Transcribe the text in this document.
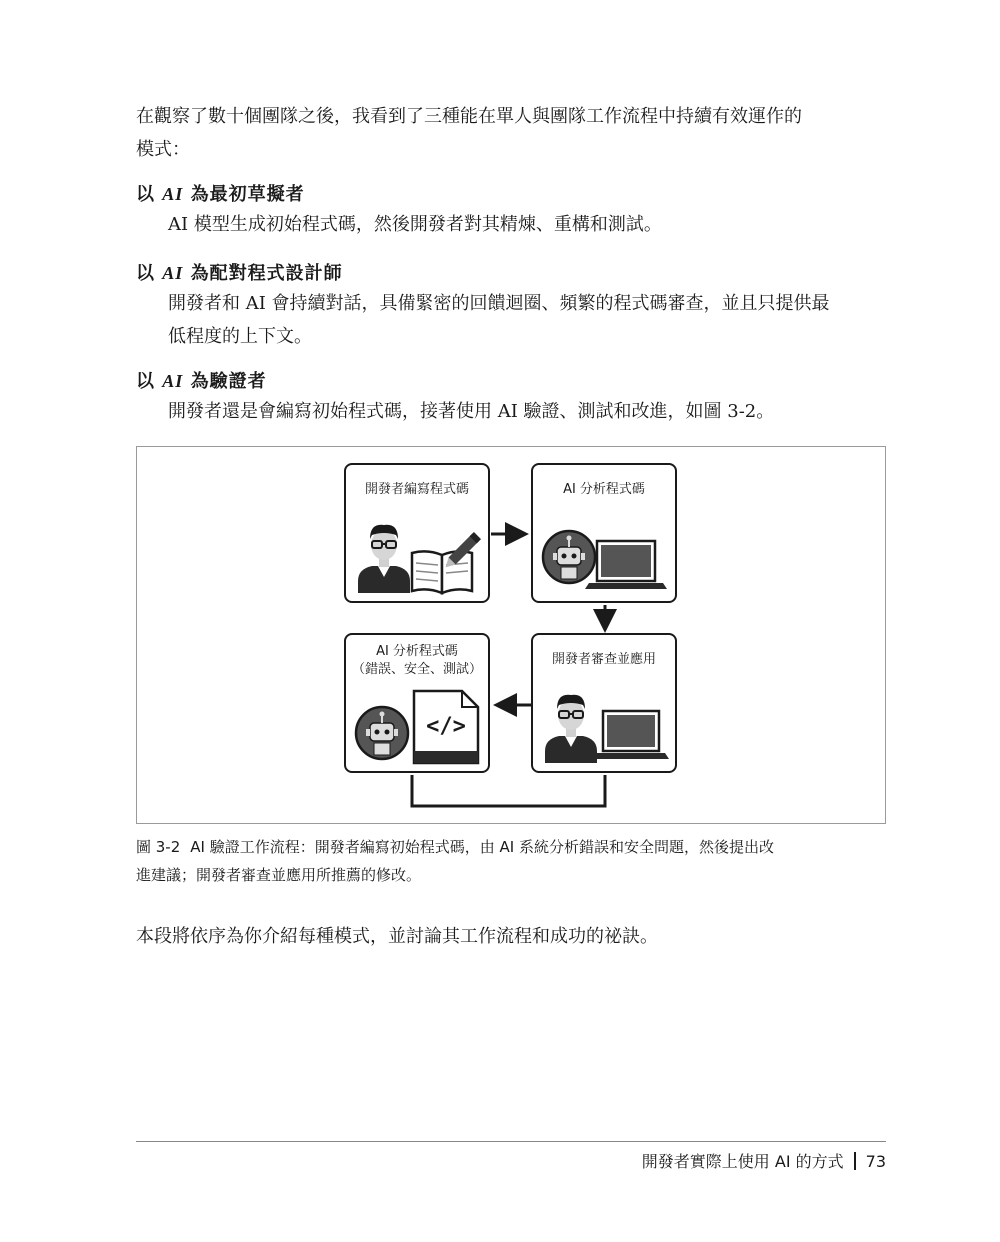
在觀察了數十個團隊之後，我看到了三種能在單人與團隊工作流程中持續有效運作的
模式：

以 AI 為最初草擬者

AI 模型生成初始程式碼，然後開發者對其精煉、重構和測試。

以 AI 為配對程式設計師

開發者和 AI 會持續對話，具備緊密的回饋迴圈、頻繁的程式碼審查，並且只提供最
低程度的上下文。

以 AI 為驗證者

開發者還是會編寫初始程式碼，接著使用 AI 驗證、測試和改進，如圖 3-2。

開發者編寫程式碼	AI 分析程式碼
AI 分析程式碼
（錯誤、安全、測試）
</>
開發者審查並應用

圖 3-2 AI 驗證工作流程：開發者編寫初始程式碼，由 AI 系統分析錯誤和安全問題，然後提出改
進建議；開發者審查並應用所推薦的修改。

本段將依序為你介紹每種模式，並討論其工作流程和成功的祕訣。

開發者實際上使用 AI 的方式 73
